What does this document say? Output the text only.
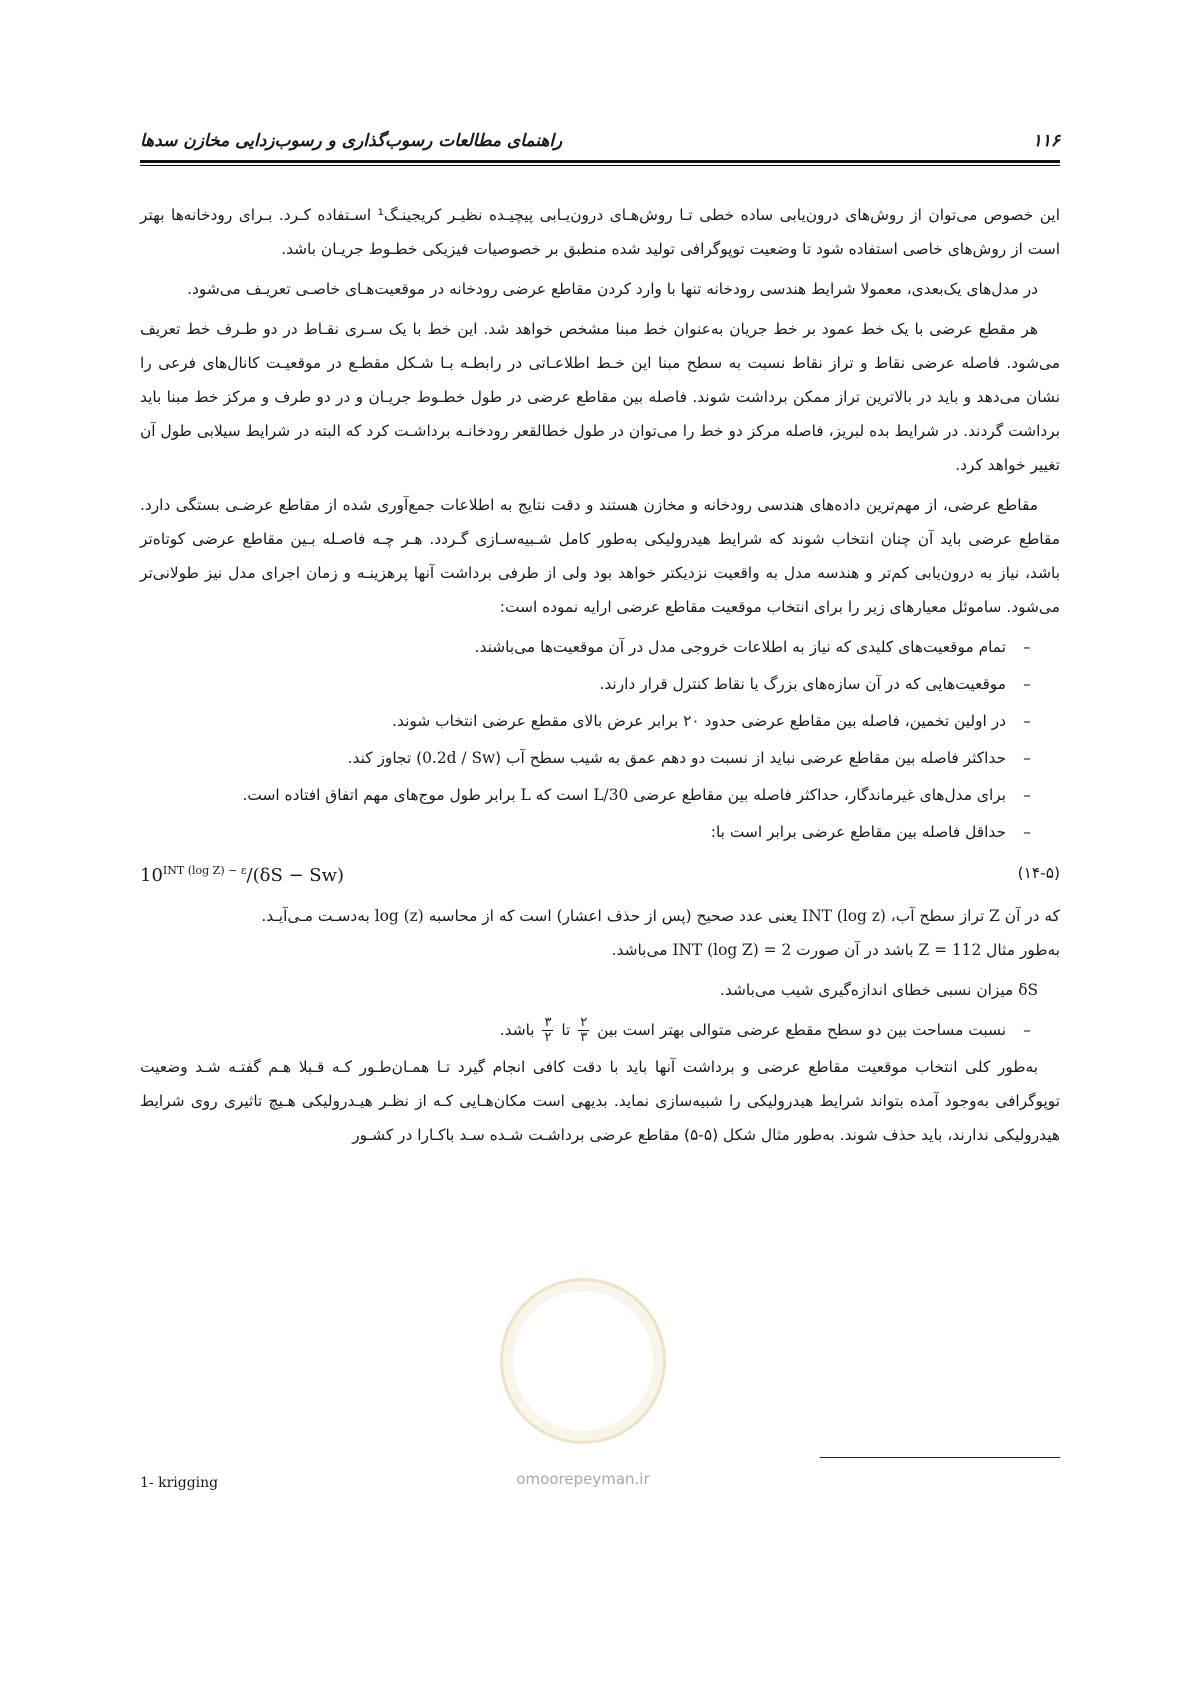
۱۱۶
راهنمای مطالعات رسوب‌گذاری و رسوب‌زدایی مخازن سدها

این خصوص می‌توان از روش‌های درون‌یابی ساده خطی تـا روش‌هـای درون‌یـابی پیچیـده نظیـر کریجینـگ¹ اسـتفاده کـرد. بـرای رودخانه‌ها بهتر است از روش‌های خاصی استفاده شود تا وضعیت توپوگرافی تولید شده منطبق بر خصوصیات فیزیکی خطـوط جریـان باشد.

در مدل‌های یک‌بعدی، معمولا شرایط هندسی رودخانه تنها با وارد کردن مقاطع عرضی رودخانه در موقعیت‌هـای خاصـی تعریـف می‌شود.

هر مقطع عرضی با یک خط عمود بر خط جریان به‌عنوان خط مبنا مشخص خواهد شد. این خط با یک سـری نقـاط در دو طـرف خط تعریف می‌شود. فاصله عرضی نقاط و تراز نقاط نسبت به سطح مبنا این خـط اطلاعـاتی در رابطـه بـا شـکل مقطـع در موقعیـت کانال‌های فرعی را نشان می‌دهد و باید در بالاترین تراز ممکن برداشت شوند. فاصله بین مقاطع عرضی در طول خطـوط جریـان و در دو طرف و مرکز خط مبنا باید برداشت گردند. در شرایط بده لبریز، فاصله مرکز دو خط را می‌توان در طول خطالقعر رودخانـه برداشـت کرد که البته در شرایط سیلابی طول آن تغییر خواهد کرد.

مقاطع عرضی، از مهم‌ترین داده‌های هندسی رودخانه و مخازن هستند و دقت نتایج به اطلاعات جمع‌آوری شده از مقاطع عرضـی بستگی دارد. مقاطع عرضی باید آن چنان انتخاب شوند که شرایط هیدرولیکی به‌طور کامل شـبیه‌سـازی گـردد. هـر چـه فاصـله بـین مقاطع عرضی کوتاه‌تر باشد، نیاز به درون‌یابی کم‌تر و هندسه مدل به واقعیت نزدیکتر خواهد بود ولی از طرفی برداشت آنها پرهزینـه و زمان اجرای مدل نیز طولانی‌تر می‌شود. ساموئل معیارهای زیر را برای انتخاب موقعیت مقاطع عرضی ارایه نموده است:

–
تمام موقعیت‌های کلیدی که نیاز به اطلاعات خروجی مدل در آن موقعیت‌ها می‌باشند.
–
موقعیت‌هایی که در آن سازه‌های بزرگ یا نقاط کنترل قرار دارند.
–
در اولین تخمین، فاصله بین مقاطع عرضی حدود ۲۰ برابر عرض بالای مقطع عرضی انتخاب شوند.
–
حداکثر فاصله بین مقاطع عرضی نباید از نسبت دو دهم عمق به شیب سطح آب (0.2d / Sw) تجاوز کند.
–
برای مدل‌های غیرماندگار، حداکثر فاصله بین مقاطع عرضی L/30 است که L برابر طول موج‌های مهم اتفاق افتاده است.
–
حداقل فاصله بین مقاطع عرضی برابر است با:
(۱۴-۵)
$10^{INT (log Z) - \varepsilon}/(\delta S - Sw)$

که در آن Z تراز سطح آب، INT (log z) یعنی عدد صحیح (پس از حذف اعشار) است که از محاسبه log (z) به‌دسـت مـی‌آیـد.
به‌طور مثال Z = 112 باشد در آن صورت INT (log Z) = 2 می‌باشد.

δS میزان نسبی خطای اندازه‌گیری شیب می‌باشد.

–
نسبت مساحت بین دو سطح مقطع عرضی متوالی بهتر است بین
$\frac{۲}{۳}$
تا
$\frac{۳}{۲}$
باشد.

به‌طور کلی انتخاب موقعیت مقاطع عرضی و برداشت آنها باید با دقت کافی انجام گیرد تـا همـان‌طـور کـه قـبلا هـم گفتـه شـد وضعیت توپوگرافی به‌وجود آمده بتواند شرایط هیدرولیکی را شبیه‌سازی نماید. بدیهی است مکان‌هـایی کـه از نظـر هیـدرولیکی هـیچ تاثیری روی شرایط هیدرولیکی ندارند، باید حذف شوند. به‌طور مثال شکل (۵-۵) مقاطع عرضی برداشـت شـده سـد باکـارا در کشـور

omoorepeyman.ir
1- krigging
